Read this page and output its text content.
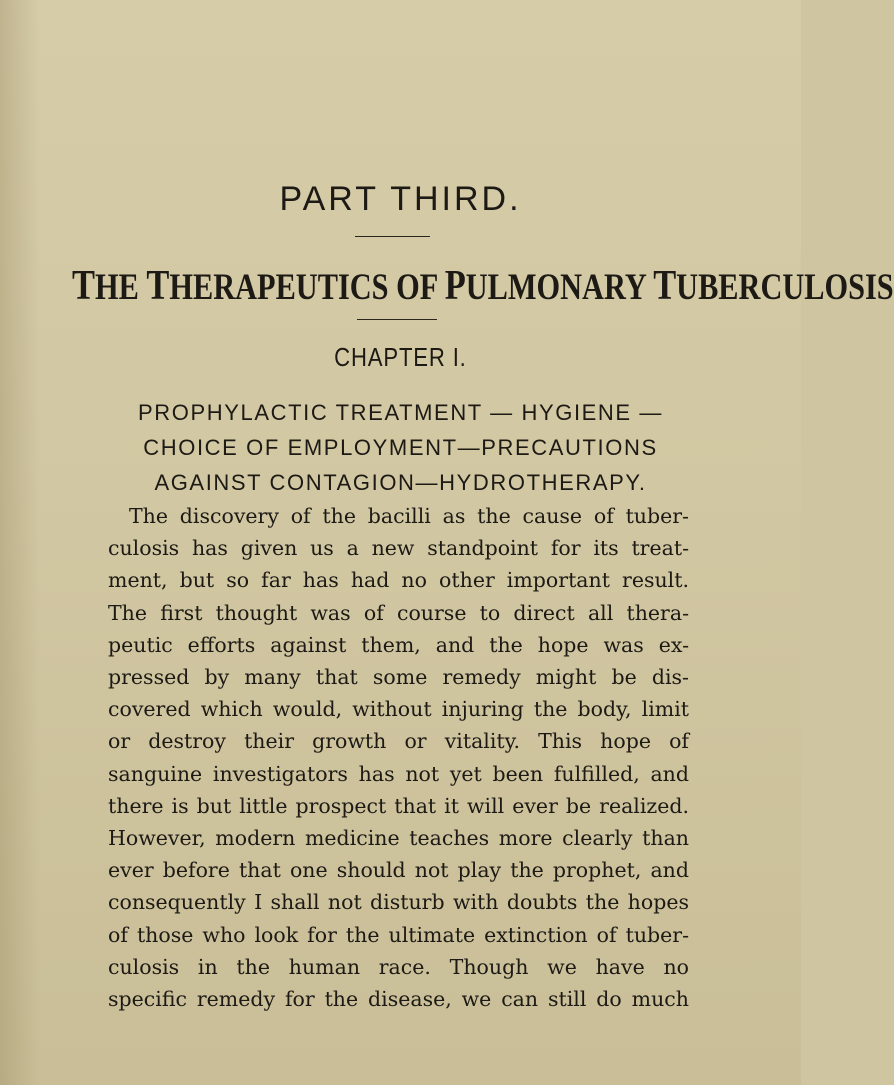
PART THIRD.
THE THERAPEUTICS OF PULMONARY TUBERCULOSIS
CHAPTER I.
PROPHYLACTIC TREATMENT — HYGIENE —
CHOICE OF EMPLOYMENT—PRECAUTIONS
AGAINST CONTAGION—HYDROTHERAPY.
The discovery of the bacilli as the cause of tuber-
culosis has given us a new standpoint for its treat-
ment, but so far has had no other important result.
The first thought was of course to direct all thera-
peutic efforts against them, and the hope was ex-
pressed by many that some remedy might be dis-
covered which would, without injuring the body, limit
or destroy their growth or vitality. This hope of
sanguine investigators has not yet been fulfilled, and
there is but little prospect that it will ever be realized.
However, modern medicine teaches more clearly than
ever before that one should not play the prophet, and
consequently I shall not disturb with doubts the hopes
of those who look for the ultimate extinction of tuber-
culosis in the human race. Though we have no
specific remedy for the disease, we can still do much
